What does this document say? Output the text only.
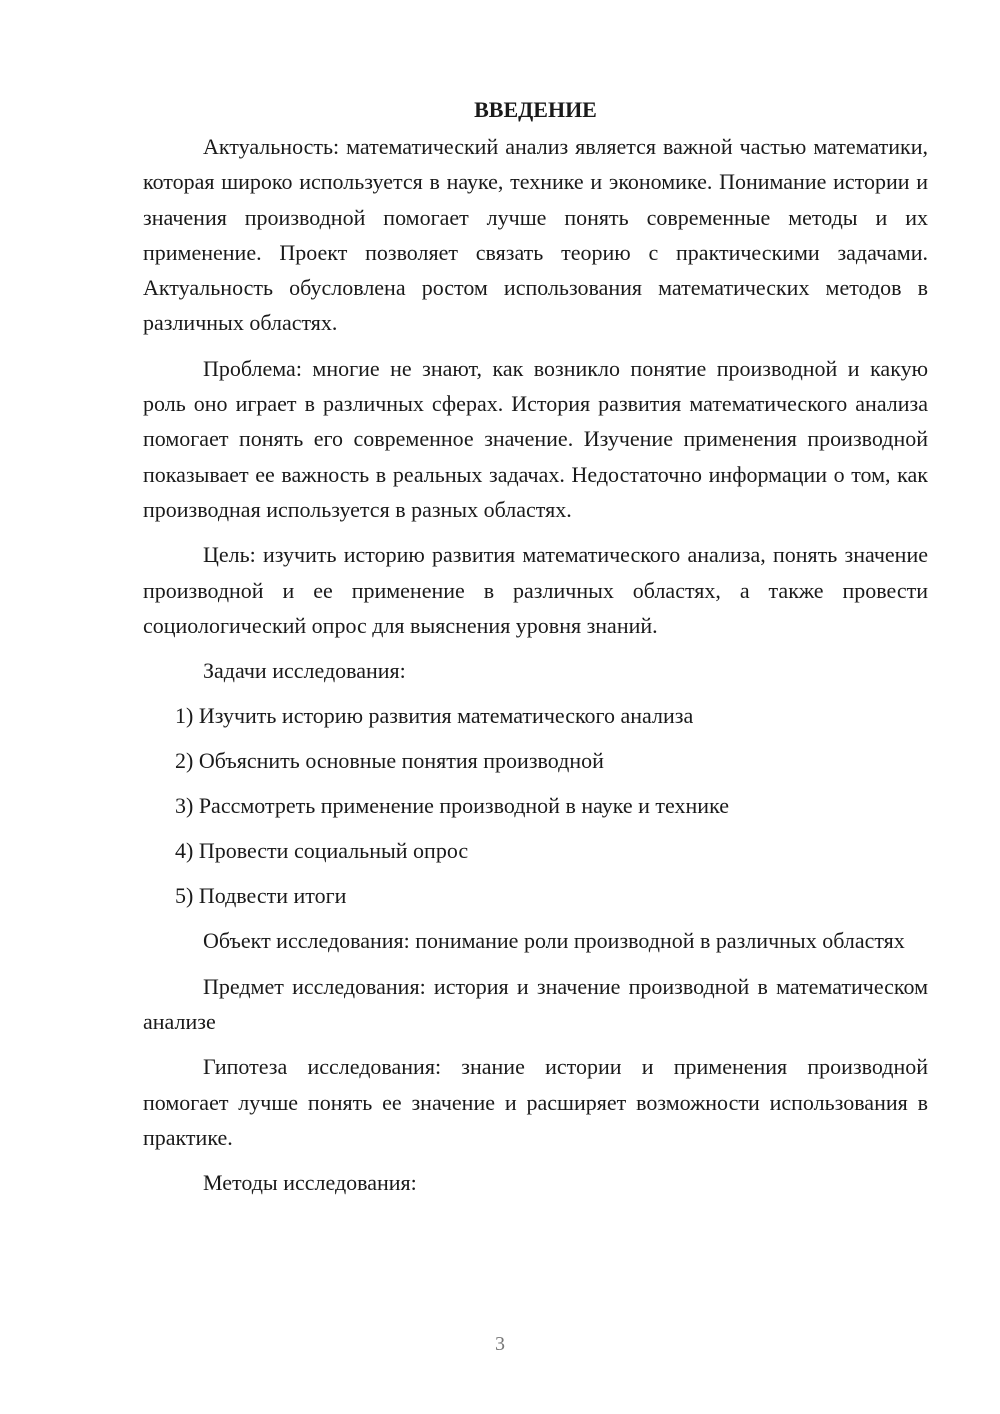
ВВЕДЕНИЕ

Актуальность: математический анализ является важной частью математики, которая широко используется в науке, технике и экономике. Понимание истории и значения производной помогает лучше понять современные методы и их применение. Проект позволяет связать теорию с практическими задачами. Актуальность обусловлена ростом использования математических методов в различных областях.

Проблема: многие не знают, как возникло понятие производной и какую роль оно играет в различных сферах. История развития математического анализа помогает понять его современное значение. Изучение применения производной показывает ее важность в реальных задачах. Недостаточно информации о том, как производная используется в разных областях.

Цель: изучить историю развития математического анализа, понять значение производной и ее применение в различных областях, а также провести социологический опрос для выяснения уровня знаний.

Задачи исследования:

1) Изучить историю развития математического анализа
2) Объяснить основные понятия производной
3) Рассмотреть применение производной в науке и технике
4) Провести социальный опрос
5) Подвести итоги

Объект исследования: понимание роли производной в различных областях

Предмет исследования: история и значение производной в математическом анализе

Гипотеза исследования: знание истории и применения производной помогает лучше понять ее значение и расширяет возможности использования в практике.

Методы исследования:

3
